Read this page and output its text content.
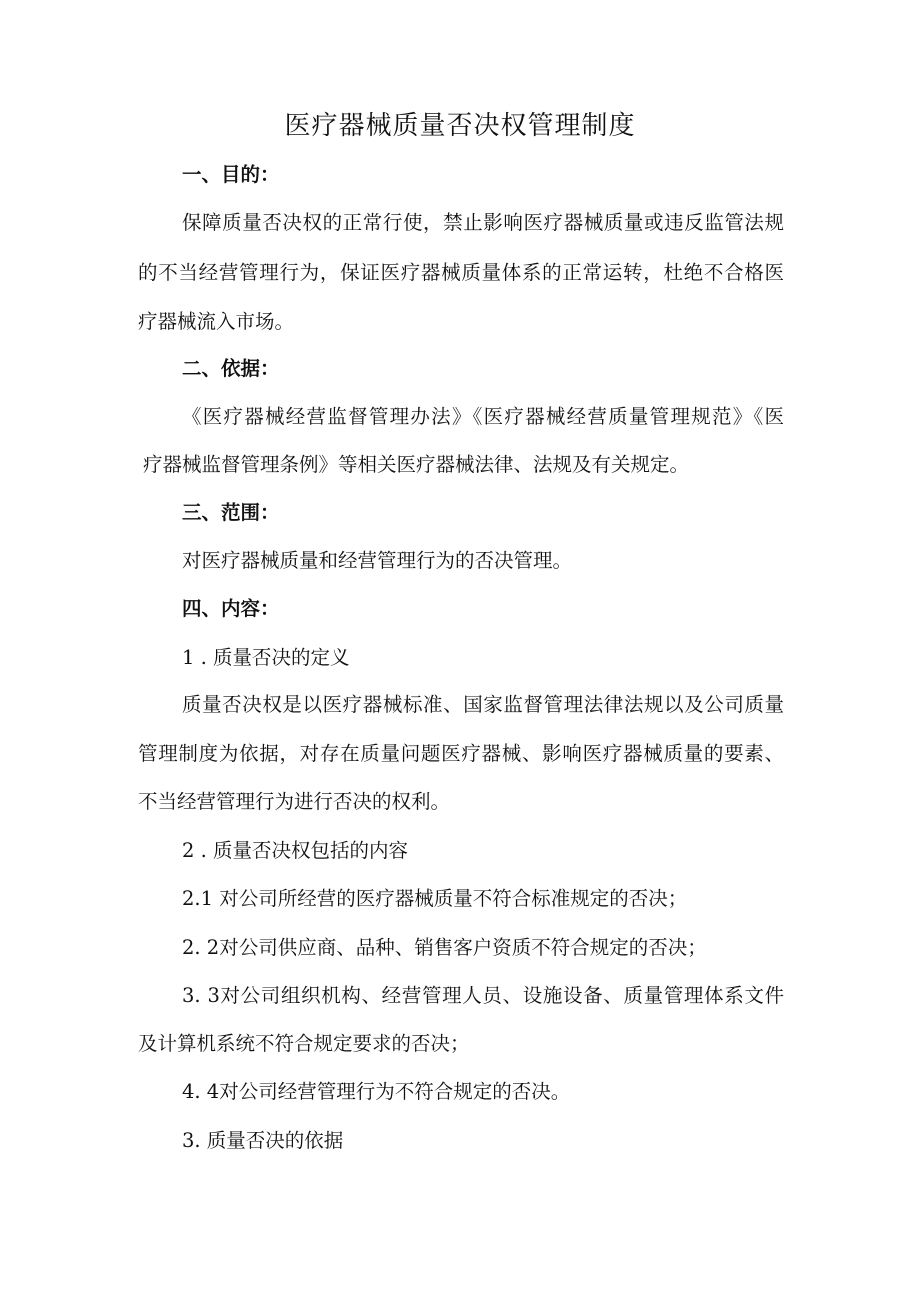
医疗器械质量否决权管理制度
一、目的：
保障质量否决权的正常行使，禁止影响医疗器械质量或违反监管法规
的不当经营管理行为，保证医疗器械质量体系的正常运转，杜绝不合格医
疗器械流入市场。
二、依据：
《医疗器械经营监督管理办法》《医疗器械经营质量管理规范》《医
疗器械监督管理条例》等相关医疗器械法律、法规及有关规定。
三、范围：
对医疗器械质量和经营管理行为的否决管理。
四、内容：
1 . 质量否决的定义
质量否决权是以医疗器械标准、国家监督管理法律法规以及公司质量
管理制度为依据，对存在质量问题医疗器械、影响医疗器械质量的要素、
不当经营管理行为进行否决的权利。
2 . 质量否决权包括的内容
2.1 对公司所经营的医疗器械质量不符合标准规定的否决；
2. 2对公司供应商、品种、销售客户资质不符合规定的否决；
3. 3对公司组织机构、经营管理人员、设施设备、质量管理体系文件
及计算机系统不符合规定要求的否决；
4. 4对公司经营管理行为不符合规定的否决。
3. 质量否决的依据
